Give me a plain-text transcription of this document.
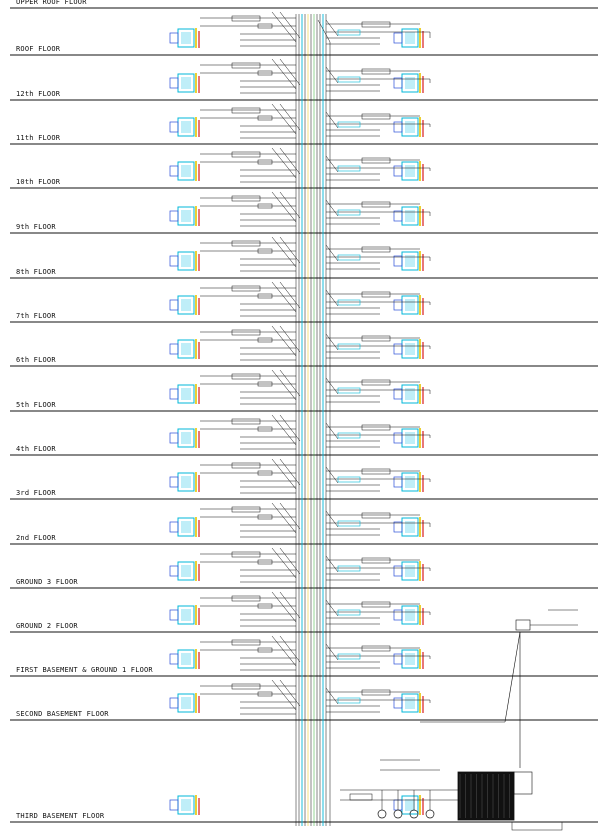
UPPER ROOF FLOOR
ROOF FLOOR
12th FLOOR
11th FLOOR
10th FLOOR
9th FLOOR
8th FLOOR
7th FLOOR
6th FLOOR
5th FLOOR
4th FLOOR
3rd FLOOR
2nd FLOOR
GROUND 3 FLOOR
GROUND 2 FLOOR
FIRST BASEMENT & GROUND 1 FLOOR
SECOND BASEMENT FLOOR
THIRD BASEMENT FLOOR
